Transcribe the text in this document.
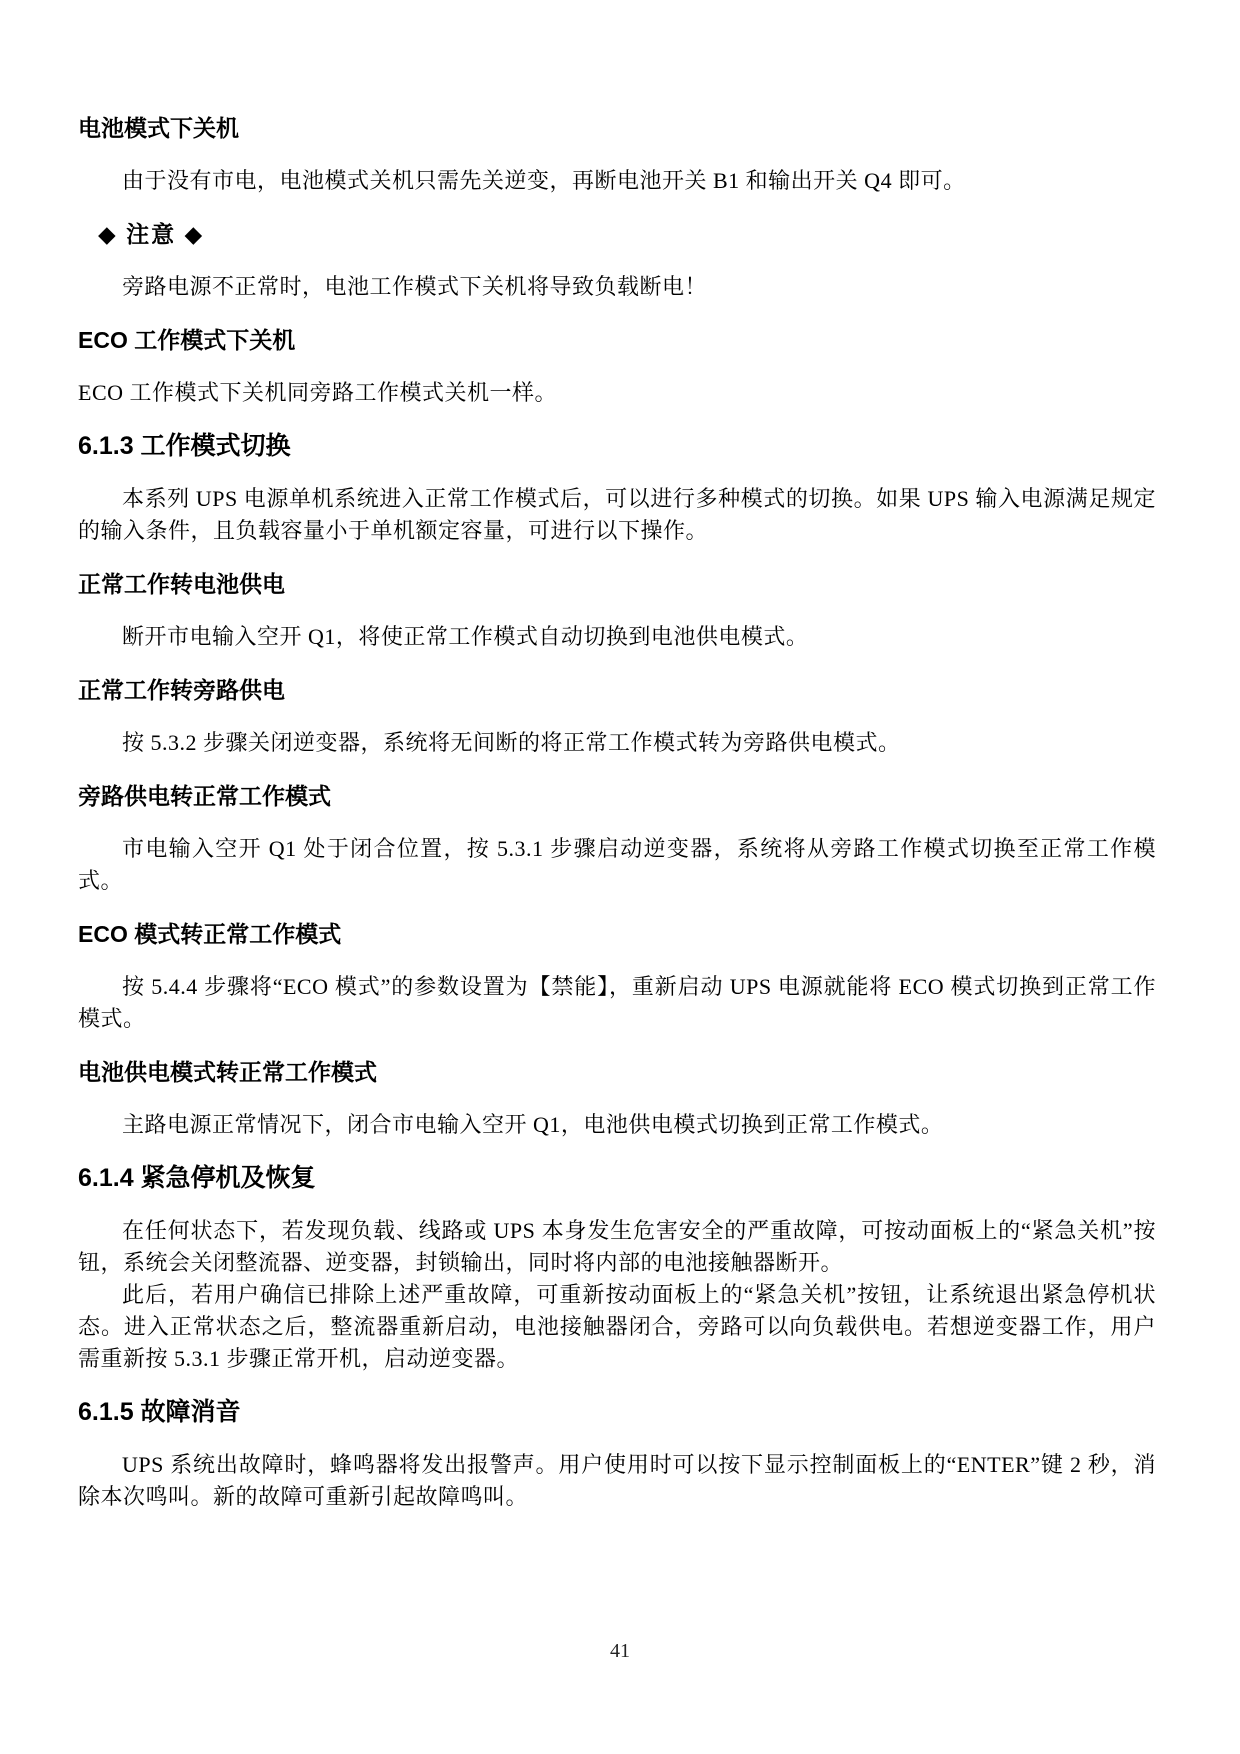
电池模式下关机

由于没有市电，电池模式关机只需先关逆变，再断电池开关 B1 和输出开关 Q4 即可。

◆ 注意 ◆

旁路电源不正常时，电池工作模式下关机将导致负载断电！

ECO 工作模式下关机

ECO 工作模式下关机同旁路工作模式关机一样。

6.1.3 工作模式切换

本系列 UPS 电源单机系统进入正常工作模式后，可以进行多种模式的切换。如果 UPS 输入电源满足规定的输入条件，且负载容量小于单机额定容量，可进行以下操作。

正常工作转电池供电

断开市电输入空开 Q1，将使正常工作模式自动切换到电池供电模式。

正常工作转旁路供电

按 5.3.2 步骤关闭逆变器，系统将无间断的将正常工作模式转为旁路供电模式。

旁路供电转正常工作模式

市电输入空开 Q1 处于闭合位置，按 5.3.1 步骤启动逆变器，系统将从旁路工作模式切换至正常工作模式。

ECO 模式转正常工作模式

按 5.4.4 步骤将“ECO 模式”的参数设置为【禁能】，重新启动 UPS 电源就能将 ECO 模式切换到正常工作模式。

电池供电模式转正常工作模式

主路电源正常情况下，闭合市电输入空开 Q1，电池供电模式切换到正常工作模式。

6.1.4 紧急停机及恢复

在任何状态下，若发现负载、线路或 UPS 本身发生危害安全的严重故障，可按动面板上的“紧急关机”按钮，系统会关闭整流器、逆变器，封锁输出，同时将内部的电池接触器断开。

此后，若用户确信已排除上述严重故障，可重新按动面板上的“紧急关机”按钮，让系统退出紧急停机状态。进入正常状态之后，整流器重新启动，电池接触器闭合，旁路可以向负载供电。若想逆变器工作，用户需重新按 5.3.1 步骤正常开机，启动逆变器。

6.1.5 故障消音

UPS 系统出故障时，蜂鸣器将发出报警声。用户使用时可以按下显示控制面板上的“ENTER”键 2 秒，消除本次鸣叫。新的故障可重新引起故障鸣叫。

41
